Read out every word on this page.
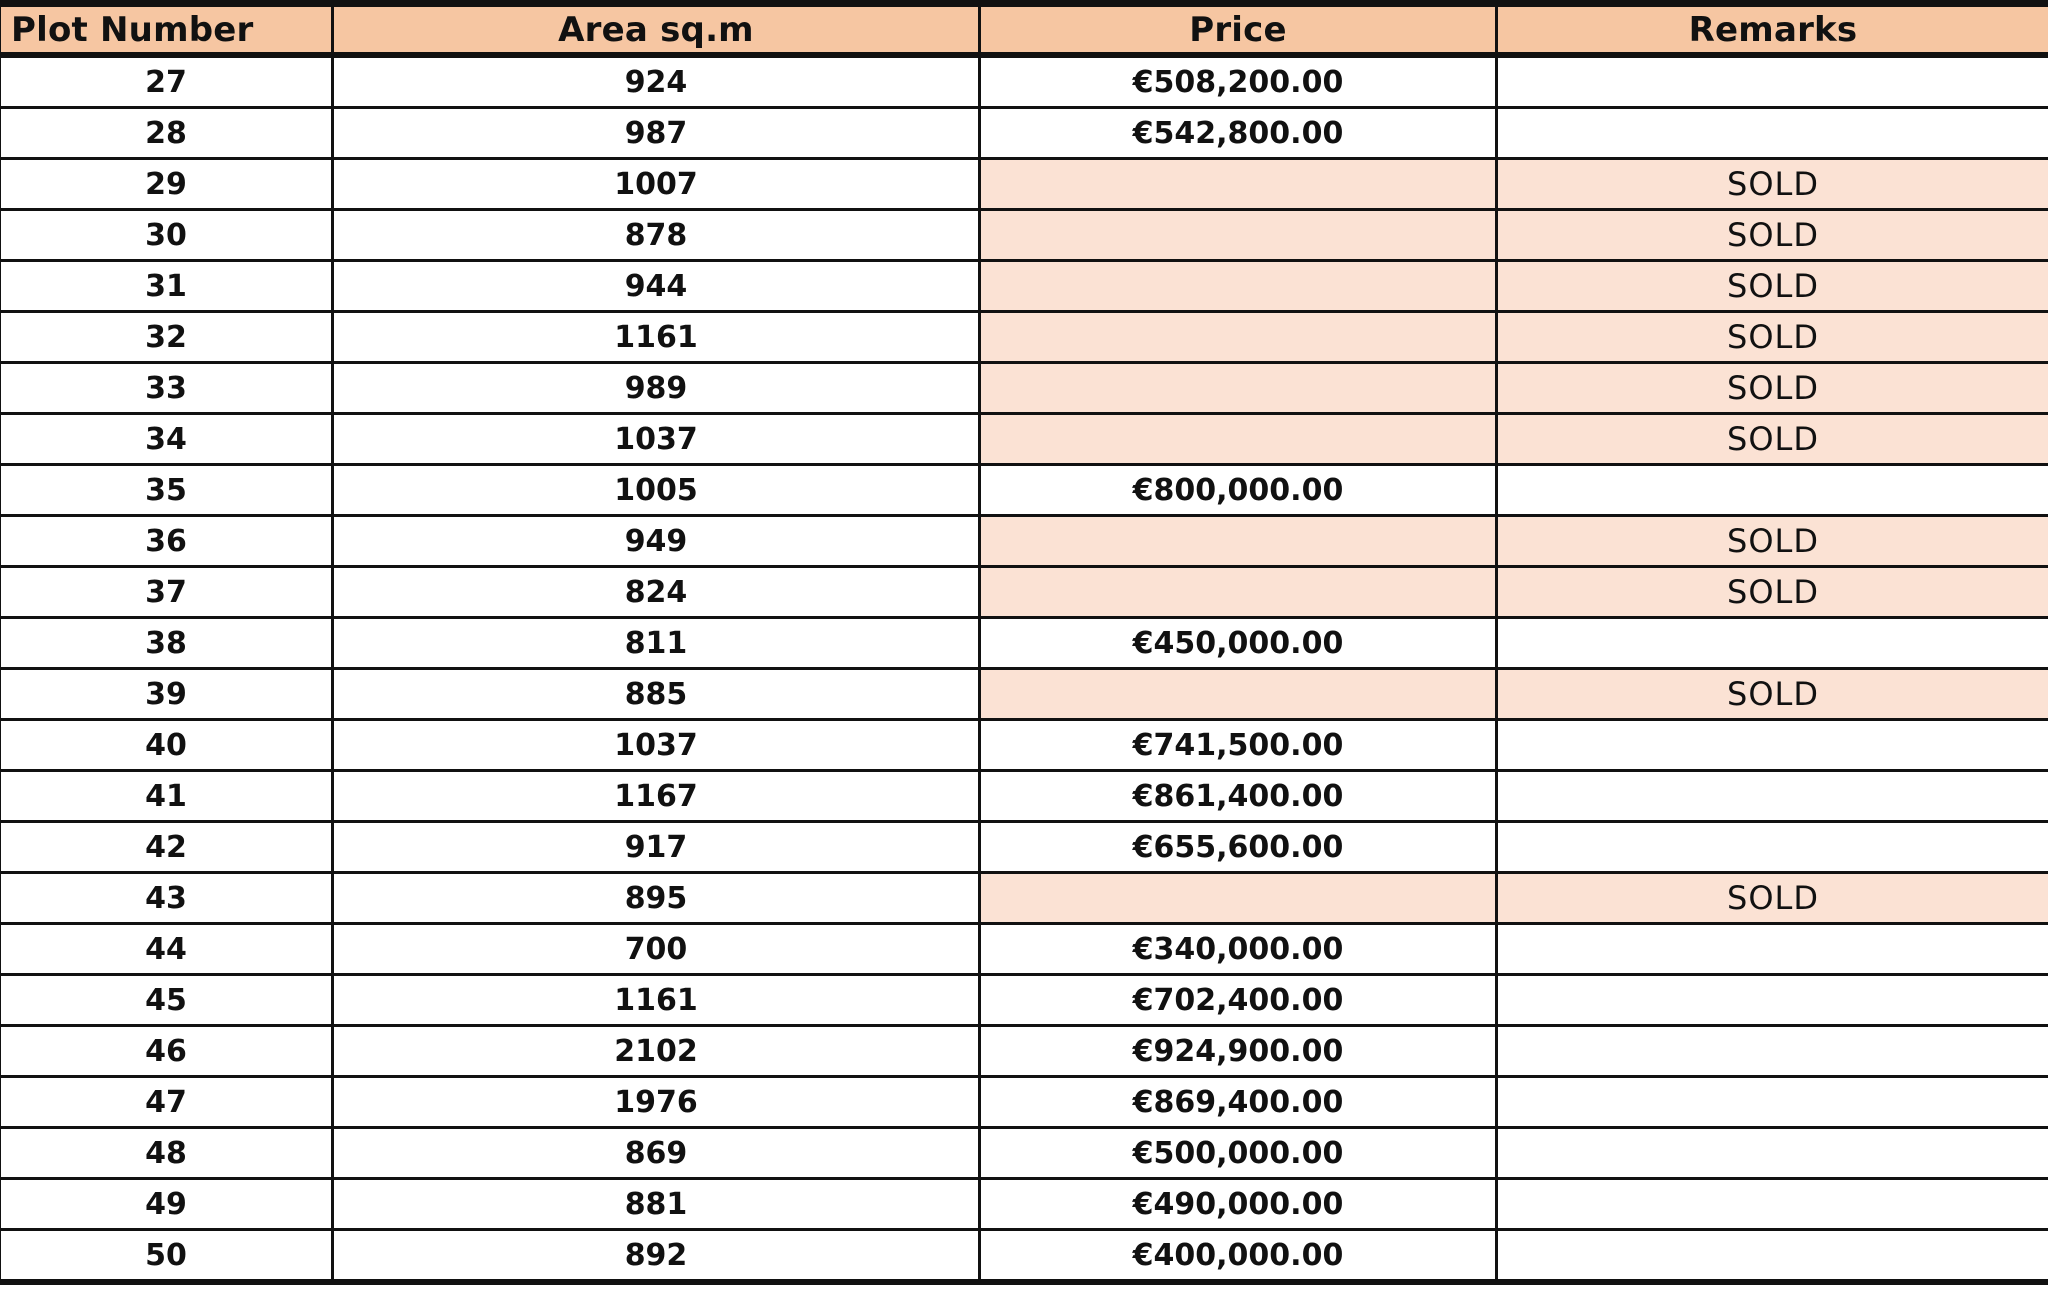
Plot Number	Area sq.m	Price	Remarks
27	924	€508,200.00	
28	987	€542,800.00	
29	1007		SOLD
30	878		SOLD
31	944		SOLD
32	1161		SOLD
33	989		SOLD
34	1037		SOLD
35	1005	€800,000.00	
36	949		SOLD
37	824		SOLD
38	811	€450,000.00	
39	885		SOLD
40	1037	€741,500.00	
41	1167	€861,400.00	
42	917	€655,600.00	
43	895		SOLD
44	700	€340,000.00	
45	1161	€702,400.00	
46	2102	€924,900.00	
47	1976	€869,400.00	
48	869	€500,000.00	
49	881	€490,000.00	
50	892	€400,000.00	
